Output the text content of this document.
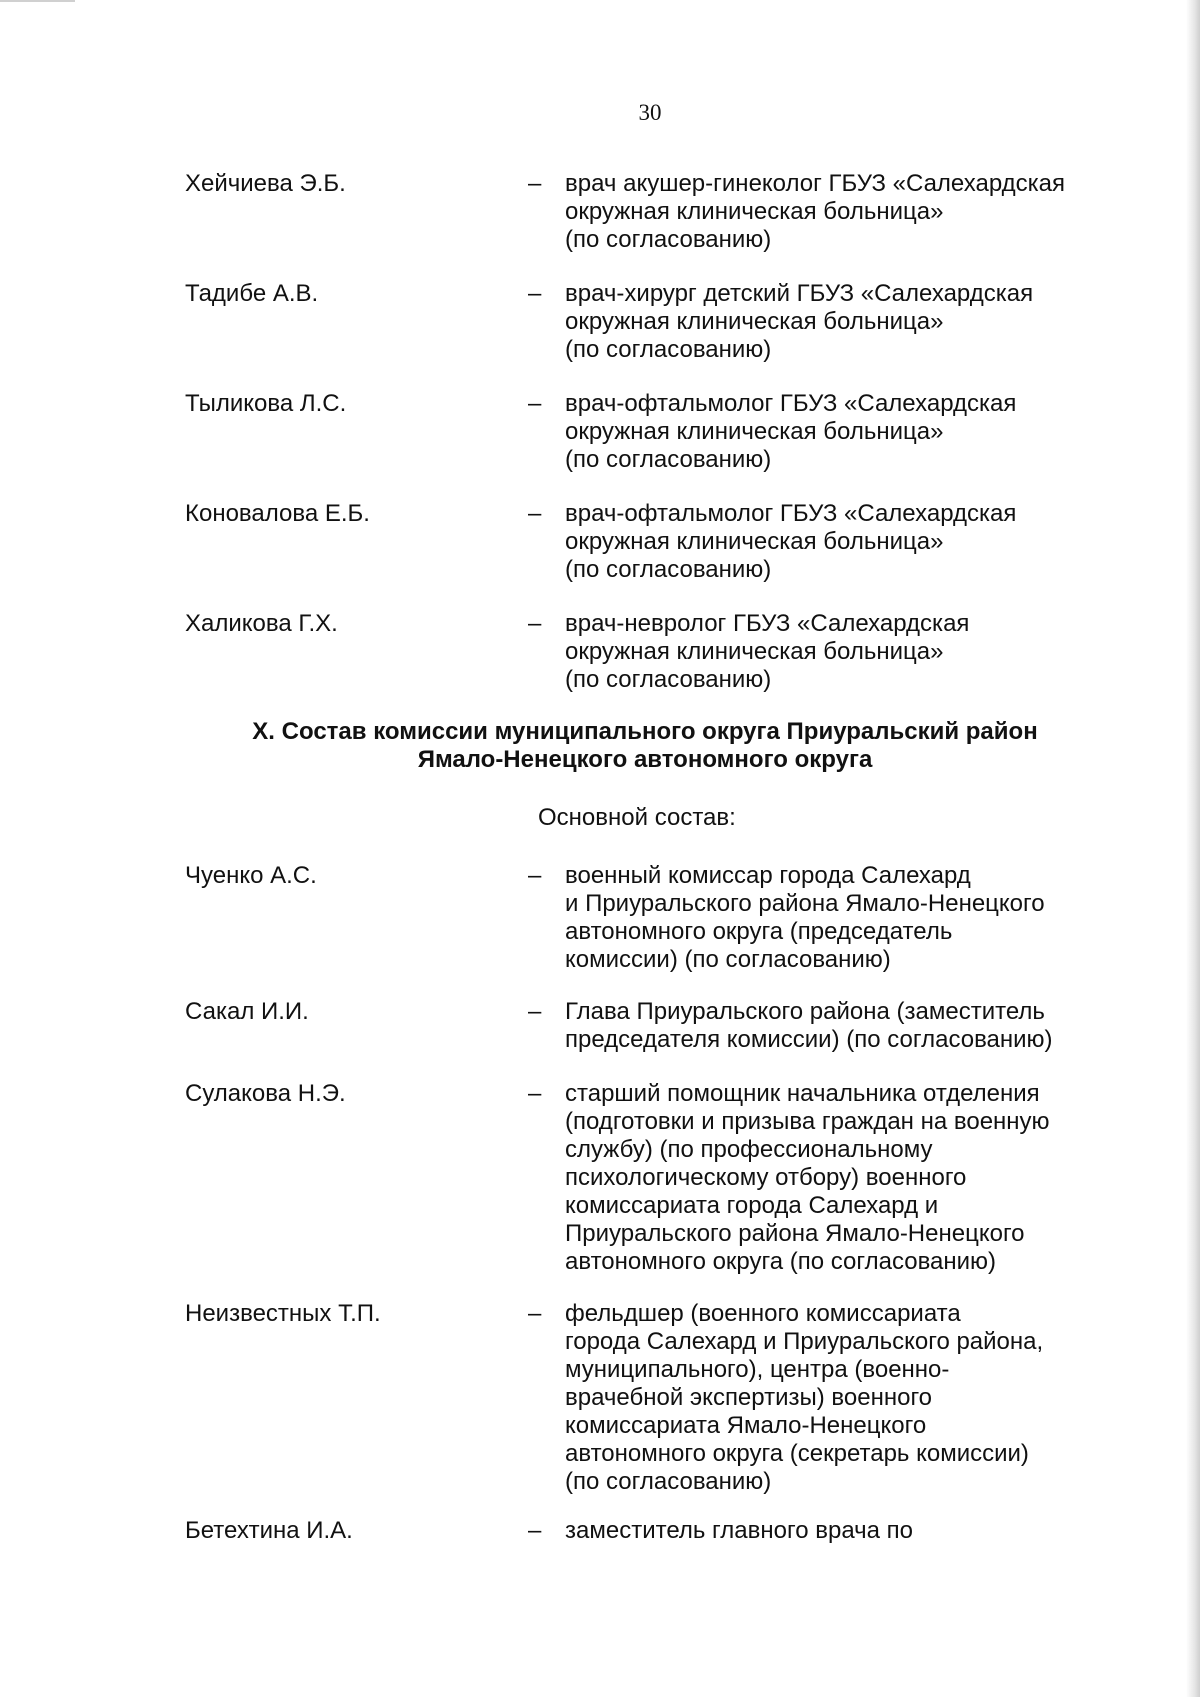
30
Хейчиева Э.Б.	– врач акушер-гинеколог ГБУЗ «Салехардская
окружная клиническая больница»
(по согласованию)
Тадибе А.В.	– врач-хирург детский ГБУЗ «Салехардская
окружная клиническая больница»
(по согласованию)
Тыликова Л.С.	– врач-офтальмолог ГБУЗ «Салехардская
окружная клиническая больница»
(по согласованию)
Коновалова Е.Б.	– врач-офтальмолог ГБУЗ «Салехардская
окружная клиническая больница»
(по согласованию)
Халикова Г.Х.	– врач-невролог ГБУЗ «Салехардская
окружная клиническая больница»
(по согласованию)
X. Состав комиссии муниципального округа Приуральский район
Ямало-Ненецкого автономного округа
Основной состав:
Чуенко А.С.	– военный комиссар города Салехард
и Приуральского района Ямало-Ненецкого
автономного округа (председатель
комиссии) (по согласованию)
Сакал И.И.	– Глава Приуральского района (заместитель
председателя комиссии) (по согласованию)
Сулакова Н.Э.	– старший помощник начальника отделения
(подготовки и призыва граждан на военную
службу) (по профессиональному
психологическому отбору) военного
комиссариата города Салехард и
Приуральского района Ямало-Ненецкого
автономного округа (по согласованию)
Неизвестных Т.П.	– фельдшер (военного комиссариата
города Салехард и Приуральского района,
муниципального), центра (военно-
врачебной экспертизы) военного
комиссариата Ямало-Ненецкого
автономного округа (секретарь комиссии)
(по согласованию)
Бетехтина И.А.	– заместитель главного врача по
